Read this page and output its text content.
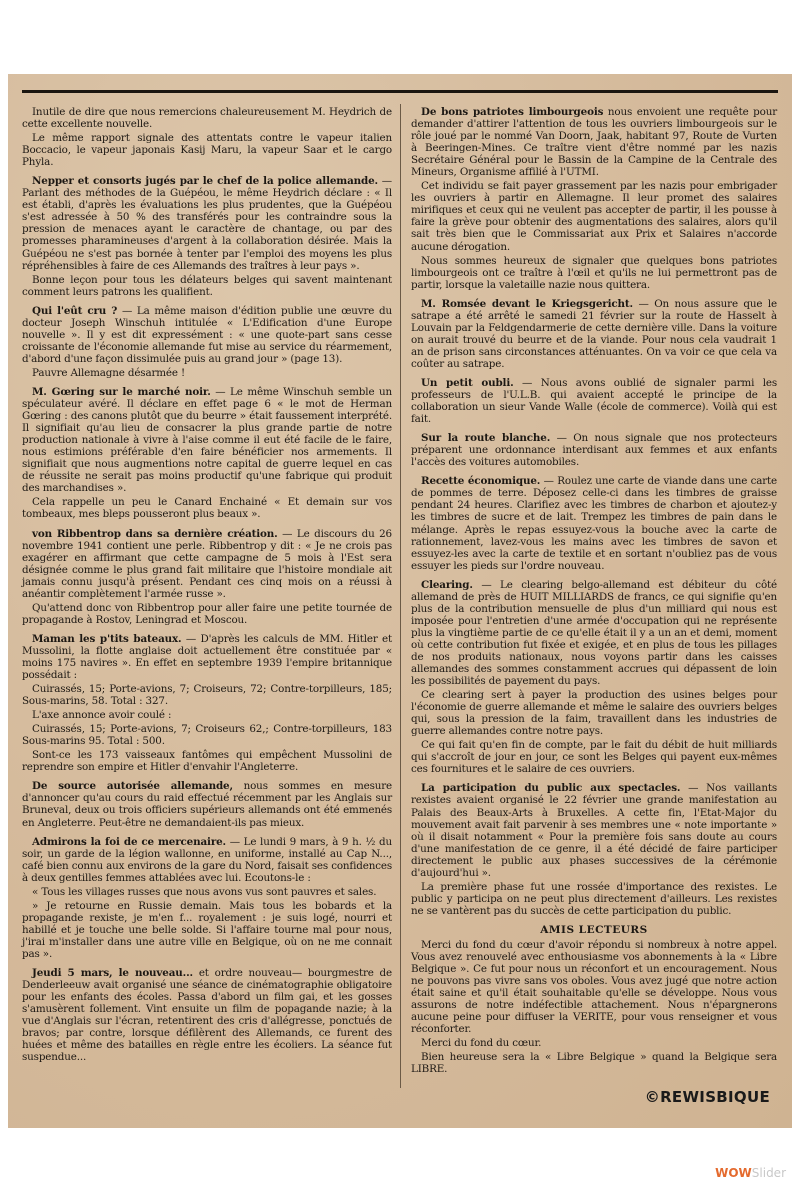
Inutile de dire que nous remercions chaleureusement M. Heydrich de cette excellente nouvelle.

Le même rapport signale des attentats contre le vapeur italien Boccacio, le vapeur japonais Kasij Maru, la vapeur Saar et le cargo Phyla.

Nepper et consorts jugés par le chef de la police allemande. — Parlant des méthodes de la Guépéou, le même Heydrich déclare : « Il est établi, d'après les évaluations les plus prudentes, que la Guépéou s'est adressée à 50 % des transférés pour les contraindre sous la pression de menaces ayant le caractère de chantage, ou par des promesses pharamineuses d'argent à la collaboration désirée. Mais la Guépéou ne s'est pas bornée à tenter par l'emploi des moyens les plus répréhensibles à faire de ces Allemands des traîtres à leur pays ».

Bonne leçon pour tous les délateurs belges qui savent maintenant comment leurs patrons les qualifient.

Qui l'eût cru ? — La même maison d'édition publie une œuvre du docteur Joseph Winschuh intitulée « L'Edification d'une Europe nouvelle ». Il y est dit expressément : « une quote-part sans cesse croissante de l'économie allemande fut mise au service du réarmement, d'abord d'une façon dissimulée puis au grand jour » (page 13).

Pauvre Allemagne désarmée !

M. Gœring sur le marché noir. — Le même Winschuh semble un spéculateur avéré. Il déclare en effet page 6 « le mot de Herman Gœring : des canons plutôt que du beurre » était faussement interprété. Il signifiait qu'au lieu de consacrer la plus grande partie de notre production nationale à vivre à l'aise comme il eut été facile de le faire, nous estimions préférable d'en faire bénéficier nos armements. Il signifiait que nous augmentions notre capital de guerre lequel en cas de réussite ne serait pas moins productif qu'une fabrique qui produit des marchandises ».

Cela rappelle un peu le Canard Enchainé « Et demain sur vos tombeaux, mes bleps pousseront plus beaux ».

von Ribbentrop dans sa dernière création. — Le discours du 26 novembre 1941 contient une perle. Ribbentrop y dit : « Je ne crois pas exagérer en affirmant que cette campagne de 5 mois à l'Est sera désignée comme le plus grand fait militaire que l'histoire mondiale ait jamais connu jusqu'à présent. Pendant ces cinq mois on a réussi à anéantir complètement l'armée russe ».

Qu'attend donc von Ribbentrop pour aller faire une petite tournée de propagande à Rostov, Leningrad et Moscou.

Maman les p'tits bateaux. — D'après les calculs de MM. Hitler et Mussolini, la flotte anglaise doit actuellement être constituée par « moins 175 navires ». En effet en septembre 1939 l'empire britannique possédait :

Cuirassés, 15; Porte-avions, 7; Croiseurs, 72; Contre-torpilleurs, 185; Sous-marins, 58. Total : 327.

L'axe annonce avoir coulé :

Cuirassés, 15; Porte-avions, 7; Croiseurs 62,; Contre-torpilleurs, 183 Sous-marins 95. Total : 500.

Sont-ce les 173 vaisseaux fantômes qui empêchent Mussolini de reprendre son empire et Hitler d'envahir l'Angleterre.

De source autorisée allemande, nous sommes en mesure d'annoncer qu'au cours du raid effectué récemment par les Anglais sur Bruneval, deux ou trois officiers supérieurs allemands ont été emmenés en Angleterre. Peut-être ne demandaient-ils pas mieux.

Admirons la foi de ce mercenaire. — Le lundi 9 mars, à 9 h. ½ du soir, un garde de la légion wallonne, en uniforme, installé au Cap N..., café bien connu aux environs de la gare du Nord, faisait ses confidences à deux gentilles femmes attablées avec lui. Ecoutons-le :

« Tous les villages russes que nous avons vus sont pauvres et sales.

» Je retourne en Russie demain. Mais tous les bobards et la propagande rexiste, je m'en f... royalement : je suis logé, nourri et habillé et je touche une belle solde. Si l'affaire tourne mal pour nous, j'irai m'installer dans une autre ville en Belgique, où on ne me connait pas ».

Jeudi 5 mars, le nouveau... et ordre nouveau— bourgmestre de Denderleeuw avait organisé une séance de cinématographie obligatoire pour les enfants des écoles. Passa d'abord un film gai, et les gosses s'amusèrent follement. Vint ensuite un film de popagande nazie; à la vue d'Anglais sur l'écran, retentirent des cris d'allégresse, ponctués de bravos; par contre, lorsque défilèrent des Allemands, ce furent des huées et même des batailles en règle entre les écoliers. La séance fut suspendue...

De bons patriotes limbourgeois nous envoient une requête pour demander d'attirer l'attention de tous les ouvriers limbourgeois sur le rôle joué par le nommé Van Doorn, Jaak, habitant 97, Route de Vurten à Beeringen-Mines. Ce traître vient d'être nommé par les nazis Secrétaire Général pour le Bassin de la Campine de la Centrale des Mineurs, Organisme affilié à l'UTMI.

Cet individu se fait payer grassement par les nazis pour embrigader les ouvriers à partir en Allemagne. Il leur promet des salaires mirifiques et ceux qui ne veulent pas accepter de partir, il les pousse à faire la grève pour obtenir des augmentations des salaires, alors qu'il sait très bien que le Commissariat aux Prix et Salaires n'accorde aucune dérogation.

Nous sommes heureux de signaler que quelques bons patriotes limbourgeois ont ce traître à l'œil et qu'ils ne lui permettront pas de partir, lorsque la valetaille nazie nous quittera.

M. Romsée devant le Kriegsgericht. — On nous assure que le satrape a été arrêté le samedi 21 février sur la route de Hasselt à Louvain par la Feldgendarmerie de cette dernière ville. Dans la voiture on aurait trouvé du beurre et de la viande. Pour nous cela vaudrait 1 an de prison sans circonstances atténuantes. On va voir ce que cela va coûter au satrape.

Un petit oubli. — Nous avons oublié de signaler parmi les professeurs de l'U.L.B. qui avaient accepté le principe de la collaboration un sieur Vande Walle (école de commerce). Voilà qui est fait.

Sur la route blanche. — On nous signale que nos protecteurs préparent une ordonnance interdisant aux femmes et aux enfants l'accès des voitures automobiles.

Recette économique. — Roulez une carte de viande dans une carte de pommes de terre. Déposez celle-ci dans les timbres de graisse pendant 24 heures. Clarifiez avec les timbres de charbon et ajoutez-y les timbres de sucre et de lait. Trempez les timbres de pain dans le mélange. Après le repas essuyez-vous la bouche avec la carte de rationnement, lavez-vous les mains avec les timbres de savon et essuyez-les avec la carte de textile et en sortant n'oubliez pas de vous essuyer les pieds sur l'ordre nouveau.

Clearing. — Le clearing belgo-allemand est débiteur du côté allemand de près de HUIT MILLIARDS de francs, ce qui signifie qu'en plus de la contribution mensuelle de plus d'un milliard qui nous est imposée pour l'entretien d'une armée d'occupation qui ne représente plus la vingtième partie de ce qu'elle était il y a un an et demi, moment où cette contribution fut fixée et exigée, et en plus de tous les pillages de nos produits nationaux, nous voyons partir dans les caisses allemandes des sommes constamment accrues qui dépassent de loin les possibilités de payement du pays.

Ce clearing sert à payer la production des usines belges pour l'économie de guerre allemande et même le salaire des ouvriers belges qui, sous la pression de la faim, travaillent dans les industries de guerre allemandes contre notre pays.

Ce qui fait qu'en fin de compte, par le fait du débit de huit milliards qui s'accroît de jour en jour, ce sont les Belges qui payent eux-mêmes ces fournitures et le salaire de ces ouvriers.

La participation du public aux spectacles. — Nos vaillants rexistes avaient organisé le 22 février une grande manifestation au Palais des Beaux-Arts à Bruxelles. A cette fin, l'Etat-Major du mouvement avait fait parvenir à ses membres une « note importante » où il disait notamment « Pour la première fois sans doute au cours d'une manifestation de ce genre, il a été décidé de faire participer directement le public aux phases successives de la cérémonie d'aujourd'hui ».

La première phase fut une rossée d'importance des rexistes. Le public y participa on ne peut plus directement d'ailleurs. Les rexistes ne se vantèrent pas du succès de cette participation du public.

AMIS LECTEURS

Merci du fond du cœur d'avoir répondu si nombreux à notre appel. Vous avez renouvelé avec enthousiasme vos abonnements à la « Libre Belgique ». Ce fut pour nous un réconfort et un encouragement. Nous ne pouvons pas vivre sans vos oboles. Vous avez jugé que notre action était saine et qu'il était souhaitable qu'elle se développe. Nous vous assurons de notre indéfectible attachement. Nous n'épargnerons aucune peine pour diffuser la VERITE, pour vous renseigner et vous réconforter.

Merci du fond du cœur.

Bien heureuse sera la « Libre Belgique » quand la Belgique sera LIBRE.

©REWISBIQUE
WOWSlider
